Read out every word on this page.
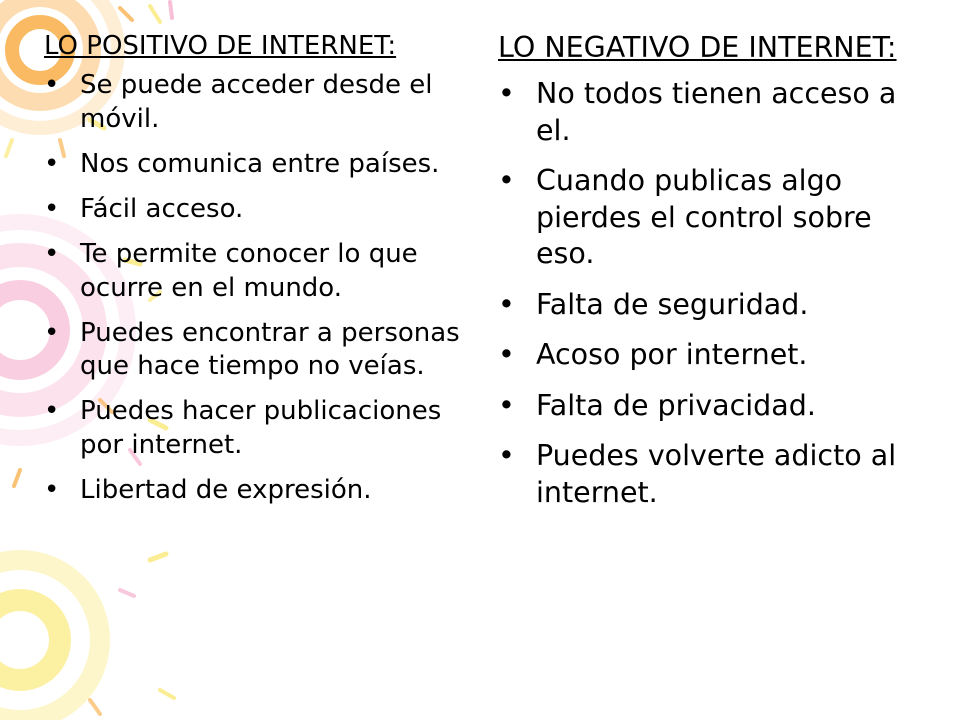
LO POSITIVO DE INTERNET:
• Se puede acceder desde el móvil.
• Nos comunica entre países.
• Fácil acceso.
• Te permite conocer lo que ocurre en el mundo.
• Puedes encontrar a personas que hace tiempo no veías.
• Puedes hacer publicaciones por internet.
• Libertad de expresión.
LO NEGATIVO DE INTERNET:
• No todos tienen acceso a el.
• Cuando publicas algo pierdes el control sobre eso.
• Falta de seguridad.
• Acoso por internet.
• Falta de privacidad.
• Puedes volverte adicto al internet.
